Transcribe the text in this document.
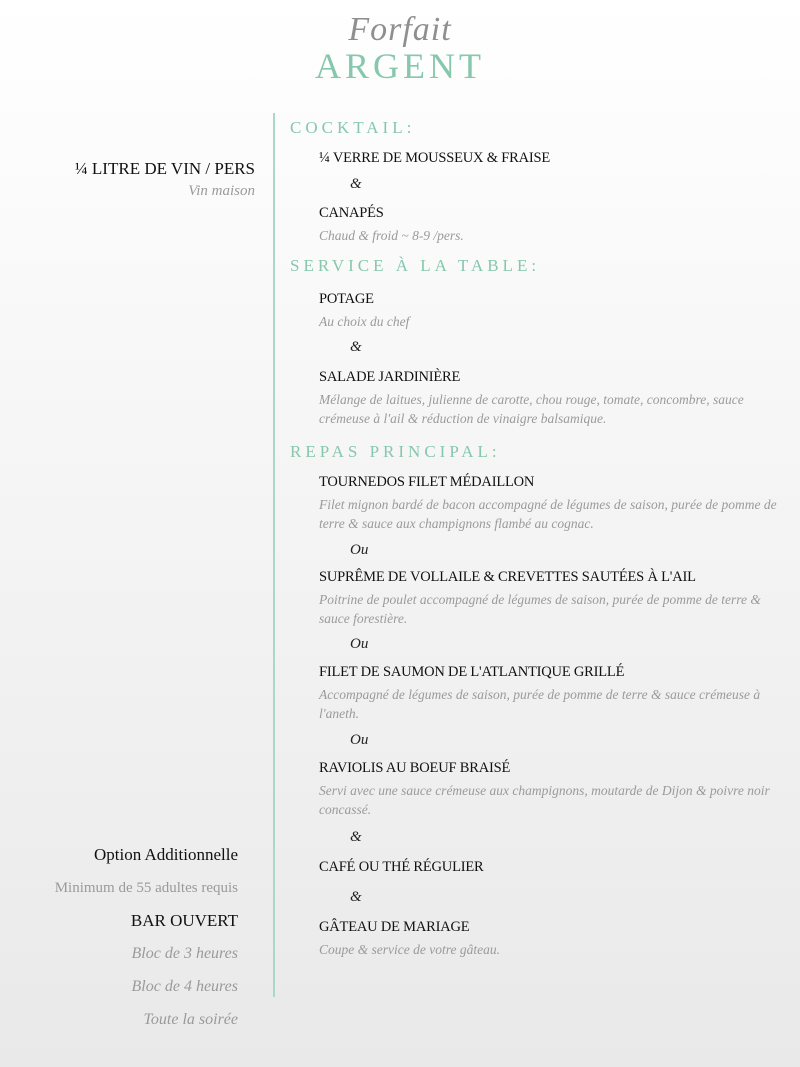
Forfait
ARGENT
¼ LITRE DE VIN / PERS
Vin maison
Option Additionnelle
Minimum de 55 adultes requis
BAR OUVERT
Bloc de 3 heures
Bloc de 4 heures
Toute la soirée
COCKTAIL:
¼ VERRE DE MOUSSEUX & FRAISE
&
CANAPÉS
Chaud & froid ~ 8-9 /pers.
SERVICE À LA TABLE:
POTAGE
Au choix du chef
&
SALADE JARDINIÈRE
Mélange de laitues, julienne de carotte, chou rouge, tomate, concombre, sauce crémeuse à l'ail & réduction de vinaigre balsamique.
REPAS PRINCIPAL:
TOURNEDOS FILET MÉDAILLON
Filet mignon bardé de bacon accompagné de légumes de saison, purée de pomme de terre & sauce aux champignons flambé au cognac.
Ou
SUPRÊME DE VOLLAILE & CREVETTES SAUTÉES À L'AIL
Poitrine de poulet accompagné de légumes de saison, purée de pomme de terre & sauce forestière.
Ou
FILET DE SAUMON DE L'ATLANTIQUE GRILLÉ
Accompagné de légumes de saison, purée de pomme de terre & sauce crémeuse à l'aneth.
Ou
RAVIOLIS AU BOEUF BRAISÉ
Servi avec une sauce crémeuse aux champignons, moutarde de Dijon & poivre noir concassé.
&
CAFÉ OU THÉ RÉGULIER
&
GÂTEAU DE MARIAGE
Coupe & service de votre gâteau.
